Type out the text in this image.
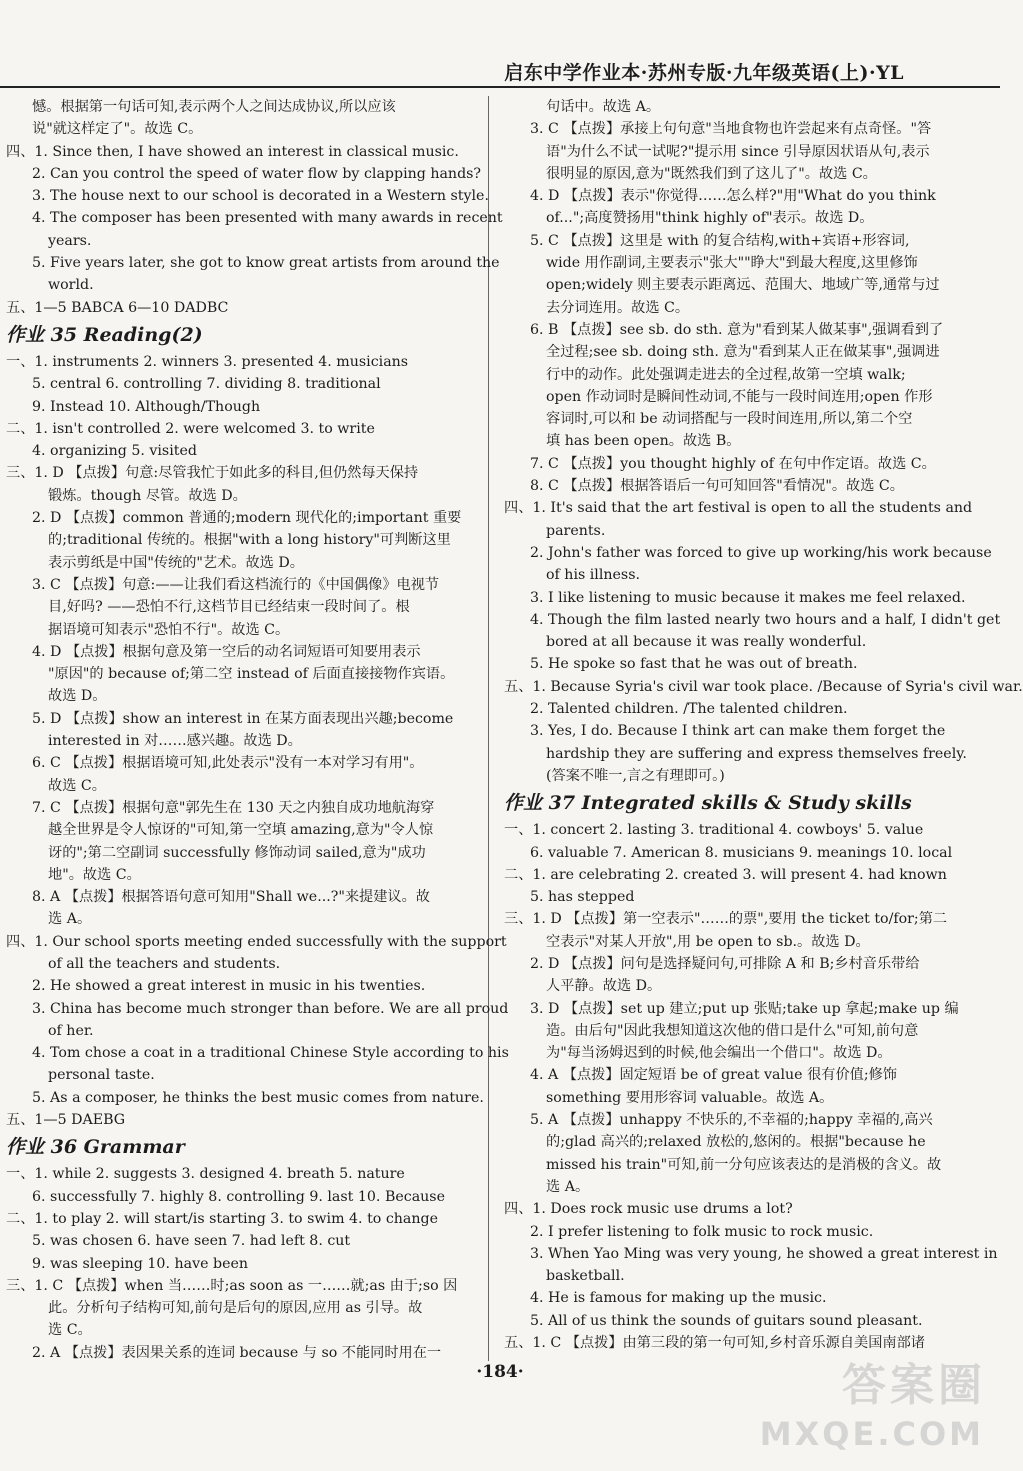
启东中学作业本·苏州专版·九年级英语(上)·YL
憾。根据第一句话可知,表示两个人之间达成协议,所以应该
说"就这样定了"。故选 C。
四、1. Since then, I have showed an interest in classical music.
2. Can you control the speed of water flow by clapping hands?
3. The house next to our school is decorated in a Western style.
4. The composer has been presented with many awards in recent
years.
5. Five years later, she got to know great artists from around the
world.
五、1—5 BABCA 6—10 DADBC
作业 35 Reading(2)
一、1. instruments 2. winners 3. presented 4. musicians
5. central 6. controlling 7. dividing 8. traditional
9. Instead 10. Although/Though
二、1. isn't controlled 2. were welcomed 3. to write
4. organizing 5. visited
三、1. D 【点拨】句意:尽管我忙于如此多的科目,但仍然每天保持
锻炼。though 尽管。故选 D。
2. D 【点拨】common 普通的;modern 现代化的;important 重要
的;traditional 传统的。根据"with a long history"可判断这里
表示剪纸是中国"传统的"艺术。故选 D。
3. C 【点拨】句意:——让我们看这档流行的《中国偶像》电视节
目,好吗? ——恐怕不行,这档节目已经结束一段时间了。根
据语境可知表示"恐怕不行"。故选 C。
4. D 【点拨】根据句意及第一空后的动名词短语可知要用表示
"原因"的 because of;第二空 instead of 后面直接接物作宾语。
故选 D。
5. D 【点拨】show an interest in 在某方面表现出兴趣;become
interested in 对……感兴趣。故选 D。
6. C 【点拨】根据语境可知,此处表示"没有一本对学习有用"。
故选 C。
7. C 【点拨】根据句意"郭先生在 130 天之内独自成功地航海穿
越全世界是令人惊讶的"可知,第一空填 amazing,意为"令人惊
讶的";第二空副词 successfully 修饰动词 sailed,意为"成功
地"。故选 C。
8. A 【点拨】根据答语句意可知用"Shall we...?"来提建议。故
选 A。
四、1. Our school sports meeting ended successfully with the support
of all the teachers and students.
2. He showed a great interest in music in his twenties.
3. China has become much stronger than before. We are all proud
of her.
4. Tom chose a coat in a traditional Chinese Style according to his
personal taste.
5. As a composer, he thinks the best music comes from nature.
五、1—5 DAEBG
作业 36 Grammar
一、1. while 2. suggests 3. designed 4. breath 5. nature
6. successfully 7. highly 8. controlling 9. last 10. Because
二、1. to play 2. will start/is starting 3. to swim 4. to change
5. was chosen 6. have seen 7. had left 8. cut
9. was sleeping 10. have been
三、1. C 【点拨】when 当……时;as soon as 一……就;as 由于;so 因
此。分析句子结构可知,前句是后句的原因,应用 as 引导。故
选 C。
2. A 【点拨】表因果关系的连词 because 与 so 不能同时用在一
句话中。故选 A。
3. C 【点拨】承接上句句意"当地食物也许尝起来有点奇怪。"答
语"为什么不试一试呢?"提示用 since 引导原因状语从句,表示
很明显的原因,意为"既然我们到了这儿了"。故选 C。
4. D 【点拨】表示"你觉得……怎么样?"用"What do you think
of...";高度赞扬用"think highly of"表示。故选 D。
5. C 【点拨】这里是 with 的复合结构,with+宾语+形容词,
wide 用作副词,主要表示"张大""睁大"到最大程度,这里修饰
open;widely 则主要表示距离远、范围大、地域广等,通常与过
去分词连用。故选 C。
6. B 【点拨】see sb. do sth. 意为"看到某人做某事",强调看到了
全过程;see sb. doing sth. 意为"看到某人正在做某事",强调进
行中的动作。此处强调走进去的全过程,故第一空填 walk;
open 作动词时是瞬间性动词,不能与一段时间连用;open 作形
容词时,可以和 be 动词搭配与一段时间连用,所以,第二个空
填 has been open。故选 B。
7. C 【点拨】you thought highly of 在句中作定语。故选 C。
8. C 【点拨】根据答语后一句可知回答"看情况"。故选 C。
四、1. It's said that the art festival is open to all the students and
parents.
2. John's father was forced to give up working/his work because
of his illness.
3. I like listening to music because it makes me feel relaxed.
4. Though the film lasted nearly two hours and a half, I didn't get
bored at all because it was really wonderful.
5. He spoke so fast that he was out of breath.
五、1. Because Syria's civil war took place. /Because of Syria's civil war.
2. Talented children. /The talented children.
3. Yes, I do. Because I think art can make them forget the
hardship they are suffering and express themselves freely.
(答案不唯一,言之有理即可。)
作业 37 Integrated skills & Study skills
一、1. concert 2. lasting 3. traditional 4. cowboys' 5. value
6. valuable 7. American 8. musicians 9. meanings 10. local
二、1. are celebrating 2. created 3. will present 4. had known
5. has stepped
三、1. D 【点拨】第一空表示"……的票",要用 the ticket to/for;第二
空表示"对某人开放",用 be open to sb.。故选 D。
2. D 【点拨】问句是选择疑问句,可排除 A 和 B;乡村音乐带给
人平静。故选 D。
3. D 【点拨】set up 建立;put up 张贴;take up 拿起;make up 编
造。由后句"因此我想知道这次他的借口是什么"可知,前句意
为"每当汤姆迟到的时候,他会编出一个借口"。故选 D。
4. A 【点拨】固定短语 be of great value 很有价值;修饰
something 要用形容词 valuable。故选 A。
5. A 【点拨】unhappy 不快乐的,不幸福的;happy 幸福的,高兴
的;glad 高兴的;relaxed 放松的,悠闲的。根据"because he
missed his train"可知,前一分句应该表达的是消极的含义。故
选 A。
四、1. Does rock music use drums a lot?
2. I prefer listening to folk music to rock music.
3. When Yao Ming was very young, he showed a great interest in
basketball.
4. He is famous for making up the music.
5. All of us think the sounds of guitars sound pleasant.
五、1. C 【点拨】由第三段的第一句可知,乡村音乐源自美国南部诸
·184·	答案圈
MXQE.COM
